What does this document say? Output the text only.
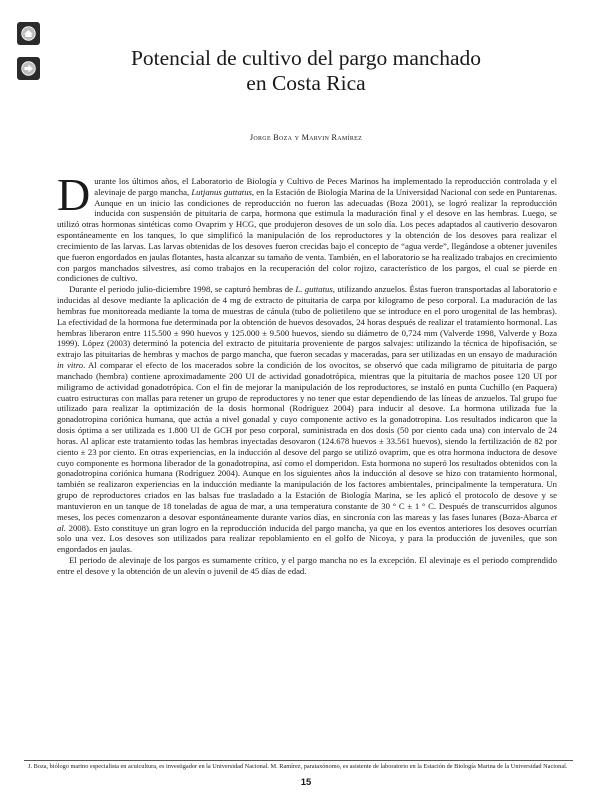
Potencial de cultivo del pargo manchado
en Costa Rica
Jorge Boza y Marvin Ramírez

Durante los últimos años, el Laboratorio de Biología y Cultivo de Peces Marinos ha implementado la reproducción controlada y el alevinaje de pargo mancha, Lutjanus guttatus, en la Estación de Biología Marina de la Universidad Nacional con sede en Puntarenas. Aunque en un inicio las condiciones de reproducción no fueron las adecuadas (Boza 2001), se logró realizar la reproducción inducida con suspensión de pituitaria de carpa, hormona que estimula la maduración final y el desove en las hembras. Luego, se utilizó otras hormonas sintéticas como Ovaprim y HCG, que produjeron desoves de un solo día. Los peces adaptados al cautiverio desovaron espontáneamente en los tanques, lo que simplificó la manipulación de los reproductores y la obtención de los desoves para realizar el crecimiento de las larvas. Las larvas obtenidas de los desoves fueron crecidas bajo el concepto de “agua verde”, llegándose a obtener juveniles que fueron engordados en jaulas flotantes, hasta alcanzar su tamaño de venta. También, en el laboratorio se ha realizado trabajos en crecimiento con pargos manchados silvestres, así como trabajos en la recuperación del color rojizo, característico de los pargos, el cual se pierde en condiciones de cultivo.

Durante el periodo julio-diciembre 1998, se capturó hembras de L. guttatus, utilizando anzuelos. Éstas fueron transportadas al laboratorio e inducidas al desove mediante la aplicación de 4 mg de extracto de pituitaria de carpa por kilogramo de peso corporal. La maduración de las hembras fue monitoreada mediante la toma de muestras de cánula (tubo de polietileno que se introduce en el poro urogenital de las hembras). La efectividad de la hormona fue determinada por la obtención de huevos desovados, 24 horas después de realizar el tratamiento hormonal. Las hembras liberaron entre 115.500 ± 990 huevos y 125.000 ± 9.500 huevos, siendo su diámetro de 0,724 mm (Valverde 1998, Valverde y Boza 1999). López (2003) determinó la potencia del extracto de pituitaria proveniente de pargos salvajes: utilizando la técnica de hipofisación, se extrajo las pituitarias de hembras y machos de pargo mancha, que fueron secadas y maceradas, para ser utilizadas en un ensayo de maduración in vitro. Al comparar el efecto de los macerados sobre la condición de los ovocitos, se observó que cada miligramo de pituitaria de pargo manchado (hembra) contiene aproximadamente 200 UI de actividad gonadotrópica, mientras que la pituitaria de machos posee 120 UI por miligramo de actividad gonadotrópica. Con el fin de mejorar la manipulación de los reproductores, se instaló en punta Cuchillo (en Paquera) cuatro estructuras con mallas para retener un grupo de reproductores y no tener que estar dependiendo de las líneas de anzuelos. Tal grupo fue utilizado para realizar la optimización de la dosis hormonal (Rodríguez 2004) para inducir al desove. La hormona utilizada fue la gonadotropina coriónica humana, que actúa a nivel gonadal y cuyo componente activo es la gonadotropina. Los resultados indicaron que la dosis óptima a ser utilizada es 1.800 UI de GCH por peso corporal, suministrada en dos dosis (50 por ciento cada una) con intervalo de 24 horas. Al aplicar este tratamiento todas las hembras inyectadas desovaron (124.678 huevos ± 33.561 huevos), siendo la fertilización de 82 por ciento ± 23 por ciento. En otras experiencias, en la inducción al desove del pargo se utilizó ovaprim, que es otra hormona inductora de desove cuyo componente es hormona liberador de la gonadotropina, así como el domperidon. Esta hormona no superó los resultados obtenidos con la gonadotropina coriónica humana (Rodríguez 2004). Aunque en los siguientes años la inducción al desove se hizo con tratamiento hormonal, también se realizaron experiencias en la inducción mediante la manipulación de los factores ambientales, principalmente la temperatura. Un grupo de reproductores criados en las balsas fue trasladado a la Estación de Biología Marina, se les aplicó el protocolo de desove y se mantuvieron en un tanque de 18 toneladas de agua de mar, a una temperatura constante de 30 ° C ± 1 ° C. Después de transcurridos algunos meses, los peces comenzaron a desovar espontáneamente durante varios días, en sincronía con las mareas y las fases lunares (Boza-Abarca et al. 2008). Esto constituye un gran logro en la reproducción inducida del pargo mancha, ya que en los eventos anteriores los desoves ocurrían solo una vez. Los desoves son utilizados para realizar repoblamiento en el golfo de Nicoya, y para la producción de juveniles, que son engordados en jaulas.

El periodo de alevinaje de los pargos es sumamente crítico, y el pargo mancha no es la excepción. El alevinaje es el periodo comprendido entre el desove y la obtención de un alevín o juvenil de 45 días de edad.

J. Boza, biólogo marino especialista en acuicultura, es investigador en la Universidad Nacional. M. Ramírez, parataxónomo, es asistente de laboratorio en la Estación de Biología Marina de la Universidad Nacional.
15
